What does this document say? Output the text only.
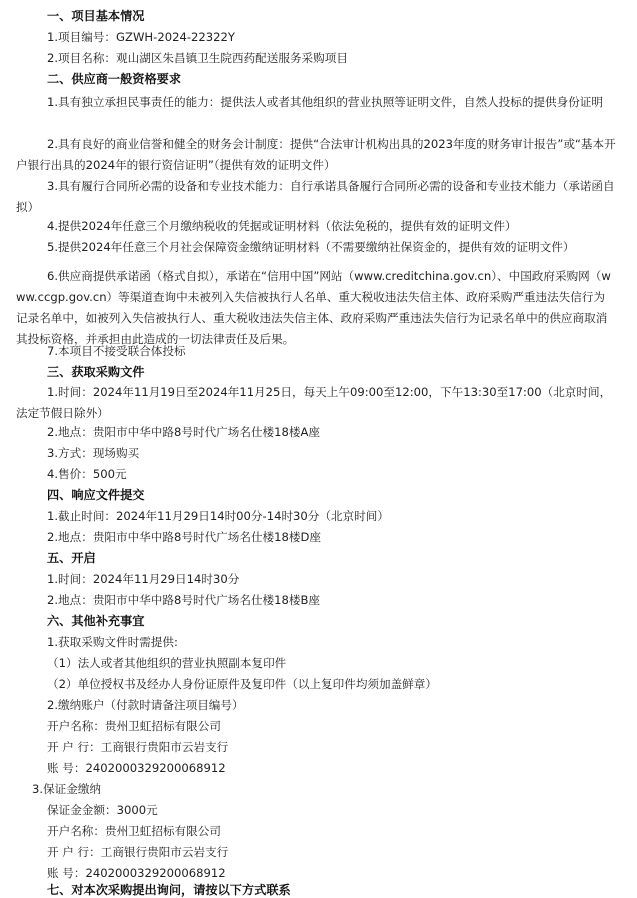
一、项目基本情况
1.项目编号：GZWH-2024-22322Y
2.项目名称：观山湖区朱昌镇卫生院西药配送服务采购项目
二、供应商一般资格要求
1.具有独立承担民事责任的能力：提供法人或者其他组织的营业执照等证明文件，自然人投标的提供身份证明
2.具有良好的商业信誉和健全的财务会计制度：提供“合法审计机构出具的2023年度的财务审计报告”或“基本开户银行出具的2024年的银行资信证明”（提供有效的证明文件）
3.具有履行合同所必需的设备和专业技术能力：自行承诺具备履行合同所必需的设备和专业技术能力（承诺函自拟）
4.提供2024年任意三个月缴纳税收的凭据或证明材料（依法免税的，提供有效的证明文件）
5.提供2024年任意三个月社会保障资金缴纳证明材料（不需要缴纳社保资金的，提供有效的证明文件）
6.供应商提供承诺函（格式自拟），承诺在“信用中国”网站（www.creditchina.gov.cn）、中国政府采购网（www.ccgp.gov.cn）等渠道查询中未被列入失信被执行人名单、重大税收违法失信主体、政府采购严重违法失信行为记录名单中，如被列入失信被执行人、重大税收违法失信主体、政府采购严重违法失信行为记录名单中的供应商取消其投标资格，并承担由此造成的一切法律责任及后果。
7.本项目不接受联合体投标
三、获取采购文件
1.时间：2024年11月19日至2024年11月25日，每天上午09:00至12:00，下午13:30至17:00（北京时间，法定节假日除外）
2.地点：贵阳市中华中路8号时代广场名仕楼18楼A座
3.方式：现场购买
4.售价：500元
四、响应文件提交
1.截止时间：2024年11月29日14时00分-14时30分（北京时间）
2.地点：贵阳市中华中路8号时代广场名仕楼18楼D座
五、开启
1.时间：2024年11月29日14时30分
2.地点：贵阳市中华中路8号时代广场名仕楼18楼B座
六、其他补充事宜
1.获取采购文件时需提供:
（1）法人或者其他组织的营业执照副本复印件
（2）单位授权书及经办人身份证原件及复印件（以上复印件均须加盖鲜章）
2.缴纳账户（付款时请备注项目编号）
开户名称：贵州卫虹招标有限公司
开 户 行：工商银行贵阳市云岩支行
账 号：2402000329200068912
3.保证金缴纳
保证金金额：3000元
开户名称：贵州卫虹招标有限公司
开 户 行：工商银行贵阳市云岩支行
账 号：2402000329200068912
七、对本次采购提出询问，请按以下方式联系
